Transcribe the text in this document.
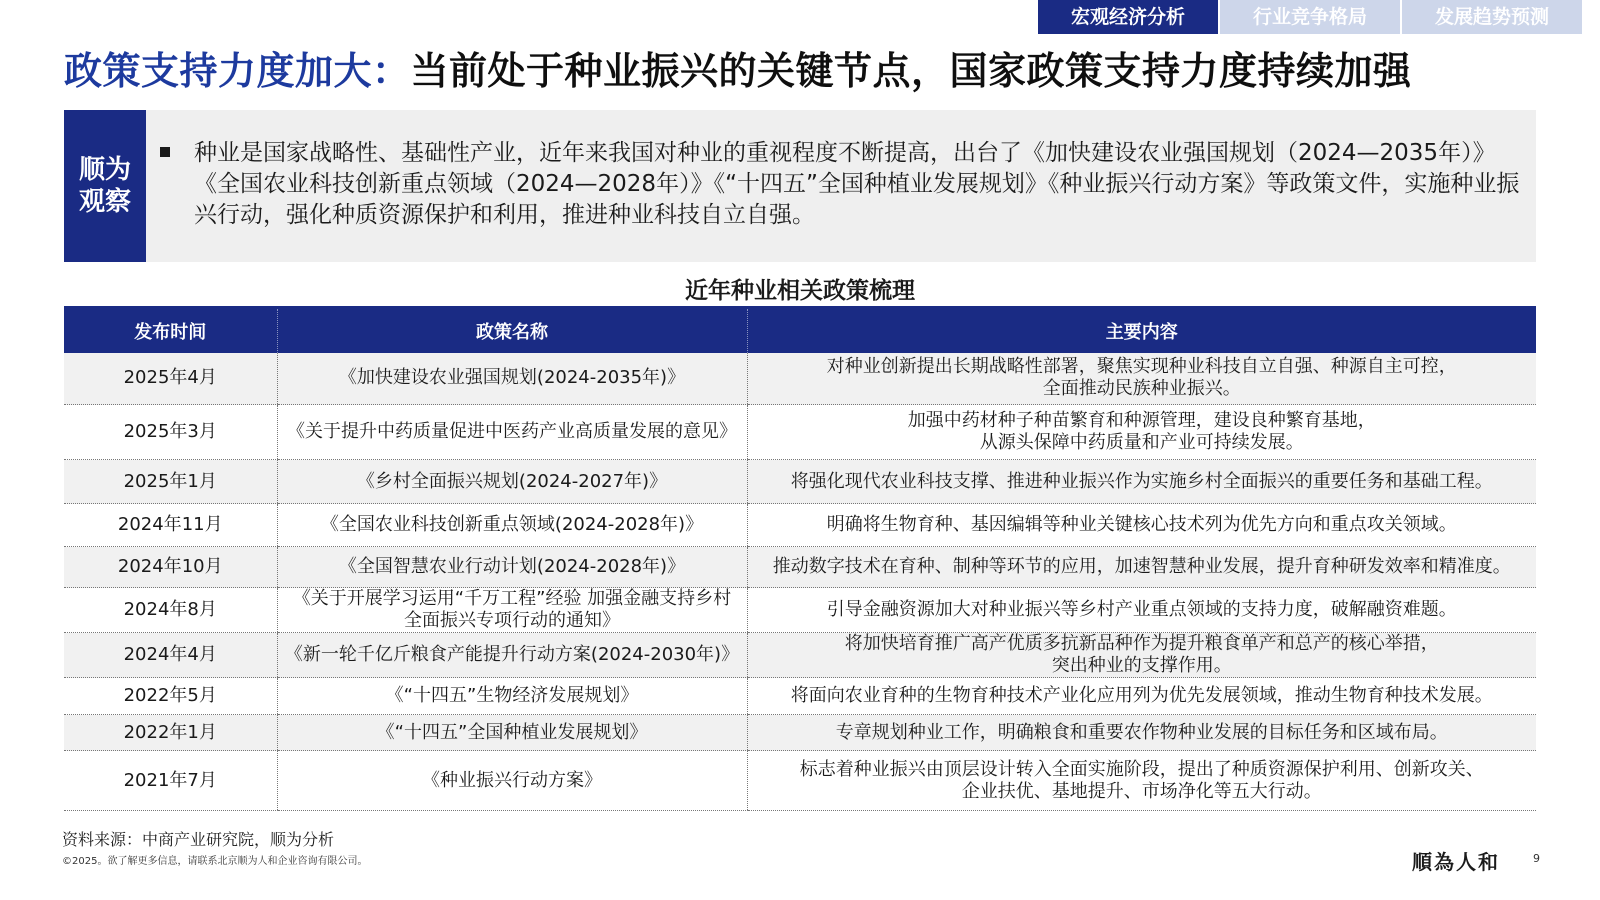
宏观经济分析	行业竞争格局	发展趋势预测
政策支持力度加大：当前处于种业振兴的关键节点，国家政策支持力度持续加强
顺为
观察
种业是国家战略性、基础性产业，近年来我国对种业的重视程度不断提高，出台了《加快建设农业强国规划（2024—2035年）》《全国农业科技创新重点领域（2024—2028年）》《“十四五”全国种植业发展规划》《种业振兴行动方案》等政策文件，实施种业振兴行动，强化种质资源保护和利用，推进种业科技自立自强。
近年种业相关政策梳理
发布时间	政策名称	主要内容
2025年4月	《加快建设农业强国规划(2024-2035年)》	对种业创新提出长期战略性部署，聚焦实现种业科技自立自强、种源自主可控，
全面推动民族种业振兴。
2025年3月	《关于提升中药质量促进中医药产业高质量发展的意见》	加强中药材种子种苗繁育和种源管理，建设良种繁育基地，
从源头保障中药质量和产业可持续发展。
2025年1月	《乡村全面振兴规划(2024-2027年)》	将强化现代农业科技支撑、推进种业振兴作为实施乡村全面振兴的重要任务和基础工程。
2024年11月	《全国农业科技创新重点领域(2024-2028年)》	明确将生物育种、基因编辑等种业关键核心技术列为优先方向和重点攻关领域。
2024年10月	《全国智慧农业行动计划(2024-2028年)》	推动数字技术在育种、制种等环节的应用，加速智慧种业发展，提升育种研发效率和精准度。
2024年8月	《关于开展学习运用“千万工程”经验 加强金融支持乡村
全面振兴专项行动的通知》	引导金融资源加大对种业振兴等乡村产业重点领域的支持力度，破解融资难题。
2024年4月	《新一轮千亿斤粮食产能提升行动方案(2024-2030年)》	将加快培育推广高产优质多抗新品种作为提升粮食单产和总产的核心举措，
突出种业的支撑作用。
2022年5月	《“十四五”生物经济发展规划》	将面向农业育种的生物育种技术产业化应用列为优先发展领域，推动生物育种技术发展。
2022年1月	《“十四五”全国种植业发展规划》	专章规划种业工作，明确粮食和重要农作物种业发展的目标任务和区域布局。
2021年7月	《种业振兴行动方案》	标志着种业振兴由顶层设计转入全面实施阶段，提出了种质资源保护利用、创新攻关、
企业扶优、基地提升、市场净化等五大行动。
资料来源：中商产业研究院，顺为分析
©2025。欲了解更多信息，请联系北京顺为人和企业咨询有限公司。	順為人和	9
